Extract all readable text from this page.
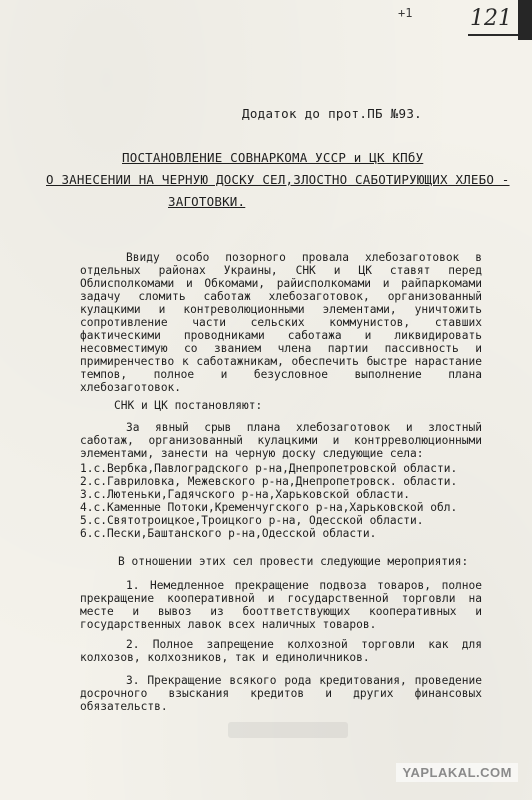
+1	121
Додаток до прот.ПБ №93.
ПОСТАНОВЛЕНИЕ СОВНАРКОМА УССР и ЦК КПбУ
О ЗАНЕСЕНИИ НА ЧЕРНУЮ ДОСКУ СЕЛ,ЗЛОСТНО САБОТИРУЮЩИХ ХЛЕБО -
ЗАГОТОВКИ.

Ввиду особо позорного провала хлебозаготовок в отдельных районах Украины, СНК и ЦК ставят перед Облисполкомами и Обкомами, райисполкомами и райпаркомами задачу сломить саботаж хлебозаготовок, организованный кулацкими и контреволюционными элементами, уничтожить сопротивление части сельских коммунистов, ставших фактическими проводниками саботажа и ликвидировать несовместимую со званием члена партии пассивность и примиренчество к саботажникам, обеспечить быстре нарастание темпов, полное и безусловное выполнение плана хлебозаготовок.

СНК и ЦК постановляют:

За явный срыв плана хлебозаготовок и злостный саботаж, организованный кулацкими и контрреволюционными элементами, занести на черную доску следующие села:

1.с.Вербка,Павлоградского р-на,Днепропетровской области.
2.с.Гавриловка, Межевского р-на,Днепропетровск. области.
3.с.Лютеньки,Гадячского р-на,Харьковской области.
4.с.Каменные Потоки,Кременчугского р-на,Харьковской обл.
5.с.Святотроицкое,Троицкого р-на, Одесской области.
6.с.Пески,Баштанского р-на,Одесской области.

В отношении этих сел провести следующие мероприятия:

1. Немедленное прекращение подвоза товаров, полное прекращение кооперативной и государственной торговли на месте и вывоз из бооттветствующих кооперативных и государственных лавок всех наличных товаров.

2. Полное запрещение колхозной торговли как для колхозов, колхозников, так и единоличников.

3. Прекращение всякого рода кредитования, проведение досрочного взыскания кредитов и других финансовых обязательств.

YAPLAKAL.COM
